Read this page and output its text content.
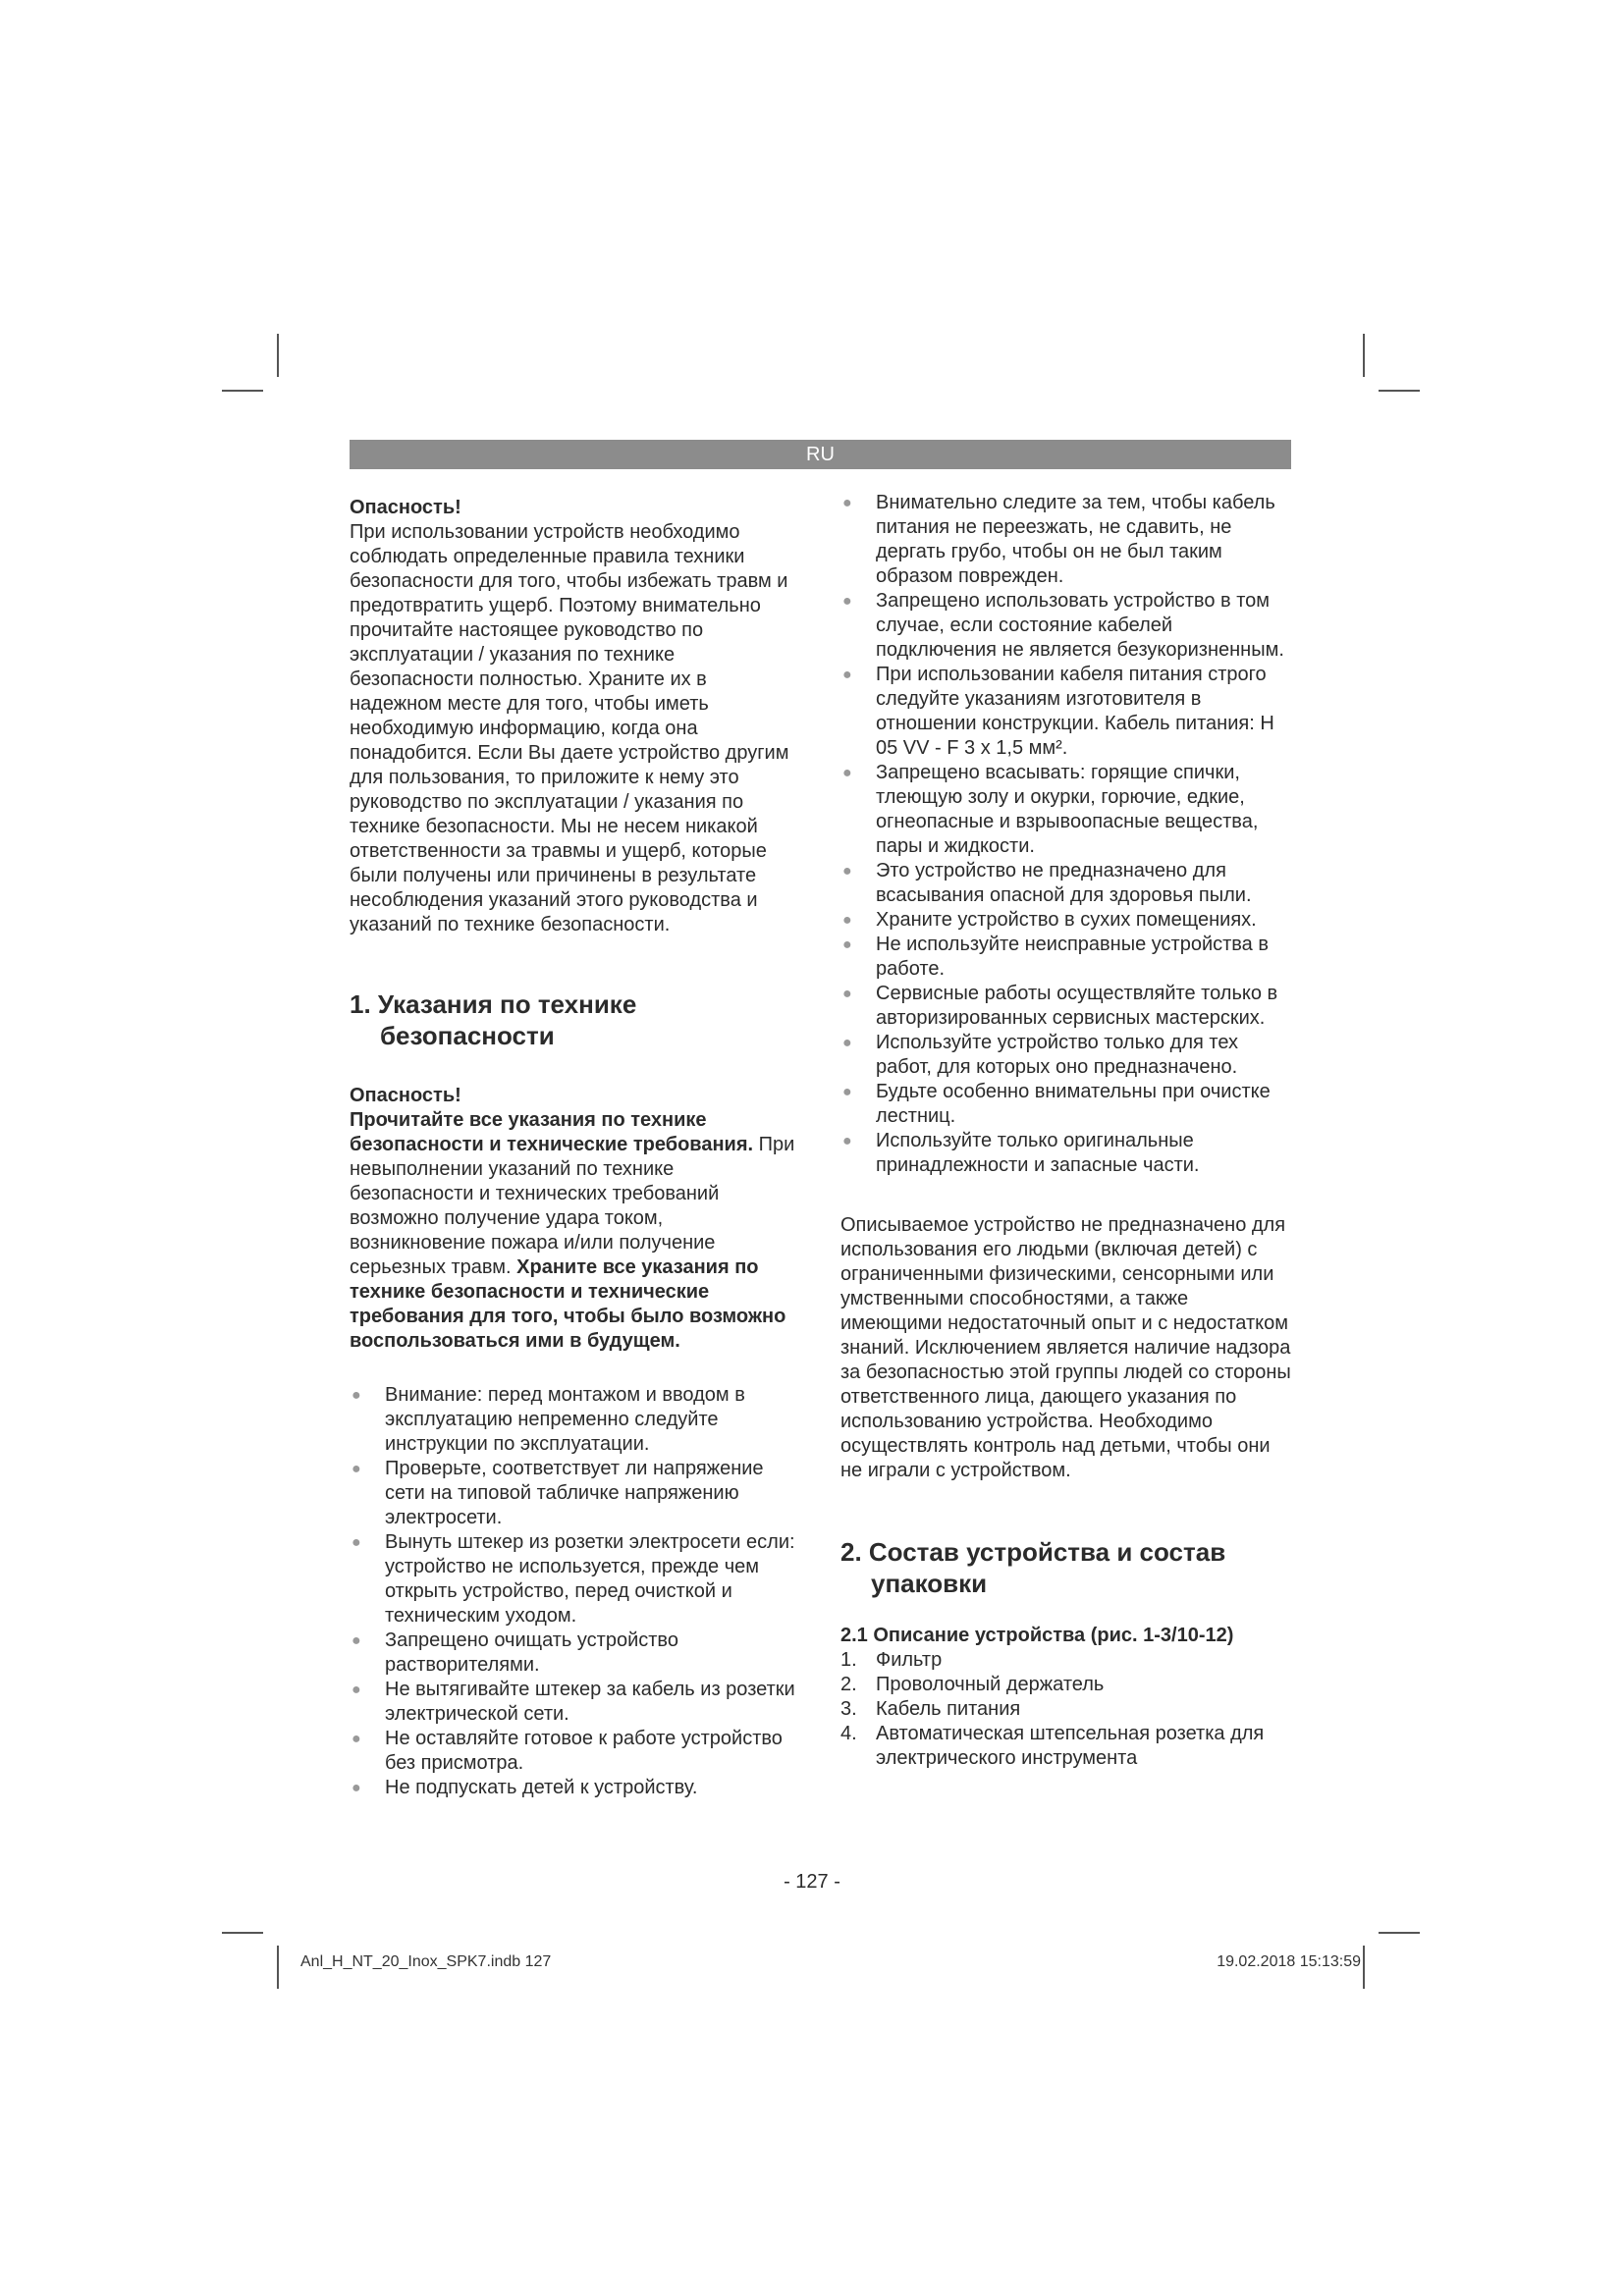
RU

Опасность!

При использовании устройств необходимо соблюдать определенные правила техники безопасности для того, чтобы избежать травм и предотвратить ущерб. Поэтому внимательно прочитайте настоящее руководство по эксплуатации / указания по технике безопасности полностью. Храните их в надежном месте для того, чтобы иметь необходимую информацию, когда она понадобится. Если Вы даете устройство другим для пользования, то приложите к нему это руководство по эксплуатации / указания по технике безопасности. Мы не несем никакой ответственности за травмы и ущерб, которые были получены или причинены в результате несоблюдения указаний этого руководства и указаний по технике безопасности.

1. Указания по технике
безопасности

Опасность!

Прочитайте все указания по технике безопасности и технические требования. При невыполнении указаний по технике безопасности и технических требований возможно получение удара током, возникновение пожара и/или получение серьезных травм. Храните все указания по технике безопасности и технические требования для того, чтобы было возможно воспользоваться ими в будущем.

● Внимание: перед монтажом и вводом в эксплуатацию непременно следуйте инструкции по эксплуатации.
● Проверьте, соответствует ли напряжение сети на типовой табличке напряжению электросети.
● Вынуть штекер из розетки электросети если: устройство не используется, прежде чем открыть устройство, перед очисткой и техническим уходом.
● Запрещено очищать устройство растворителями.
● Не вытягивайте штекер за кабель из розетки электрической сети.
● Не оставляйте готовое к работе устройство без присмотра.
● Не подпускать детей к устройству.
● Внимательно следите за тем, чтобы кабель питания не переезжать, не сдавить, не дергать грубо, чтобы он не был таким образом поврежден.
● Запрещено использовать устройство в том случае, если состояние кабелей подключения не является безукоризненным.
● При использовании кабеля питания строго следуйте указаниям изготовителя в отношении конструкции. Кабель питания: H 05 VV - F 3 x 1,5 мм².
● Запрещено всасывать: горящие спички, тлеющую золу и окурки, горючие, едкие, огнеопасные и взрывоопасные вещества, пары и жидкости.
● Это устройство не предназначено для всасывания опасной для здоровья пыли.
● Храните устройство в сухих помещениях.
● Не используйте неисправные устройства в работе.
● Сервисные работы осуществляйте только в авторизированных сервисных мастерских.
● Используйте устройство только для тех работ, для которых оно предназначено.
● Будьте особенно внимательны при очистке лестниц.
● Используйте только оригинальные принадлежности и запасные части.

Описываемое устройство не предназначено для использования его людьми (включая детей) с ограниченными физическими, сенсорными или умственными способностями, а также имеющими недостаточный опыт и с недостатком знаний. Исключением является наличие надзора за безопасностью этой группы людей со стороны ответственного лица, дающего указания по использованию устройства. Необходимо осуществлять контроль над детьми, чтобы они не играли с устройством.

2. Состав устройства и состав
упаковки

2.1 Описание устройства (рис. 1-3/10-12)

1. Фильтр
2. Проволочный держатель
3. Кабель питания
4. Автоматическая штепсельная розетка для электрического инструмента
- 127 -
Anl_H_NT_20_Inox_SPK7.indb 127	19.02.2018 15:13:59
